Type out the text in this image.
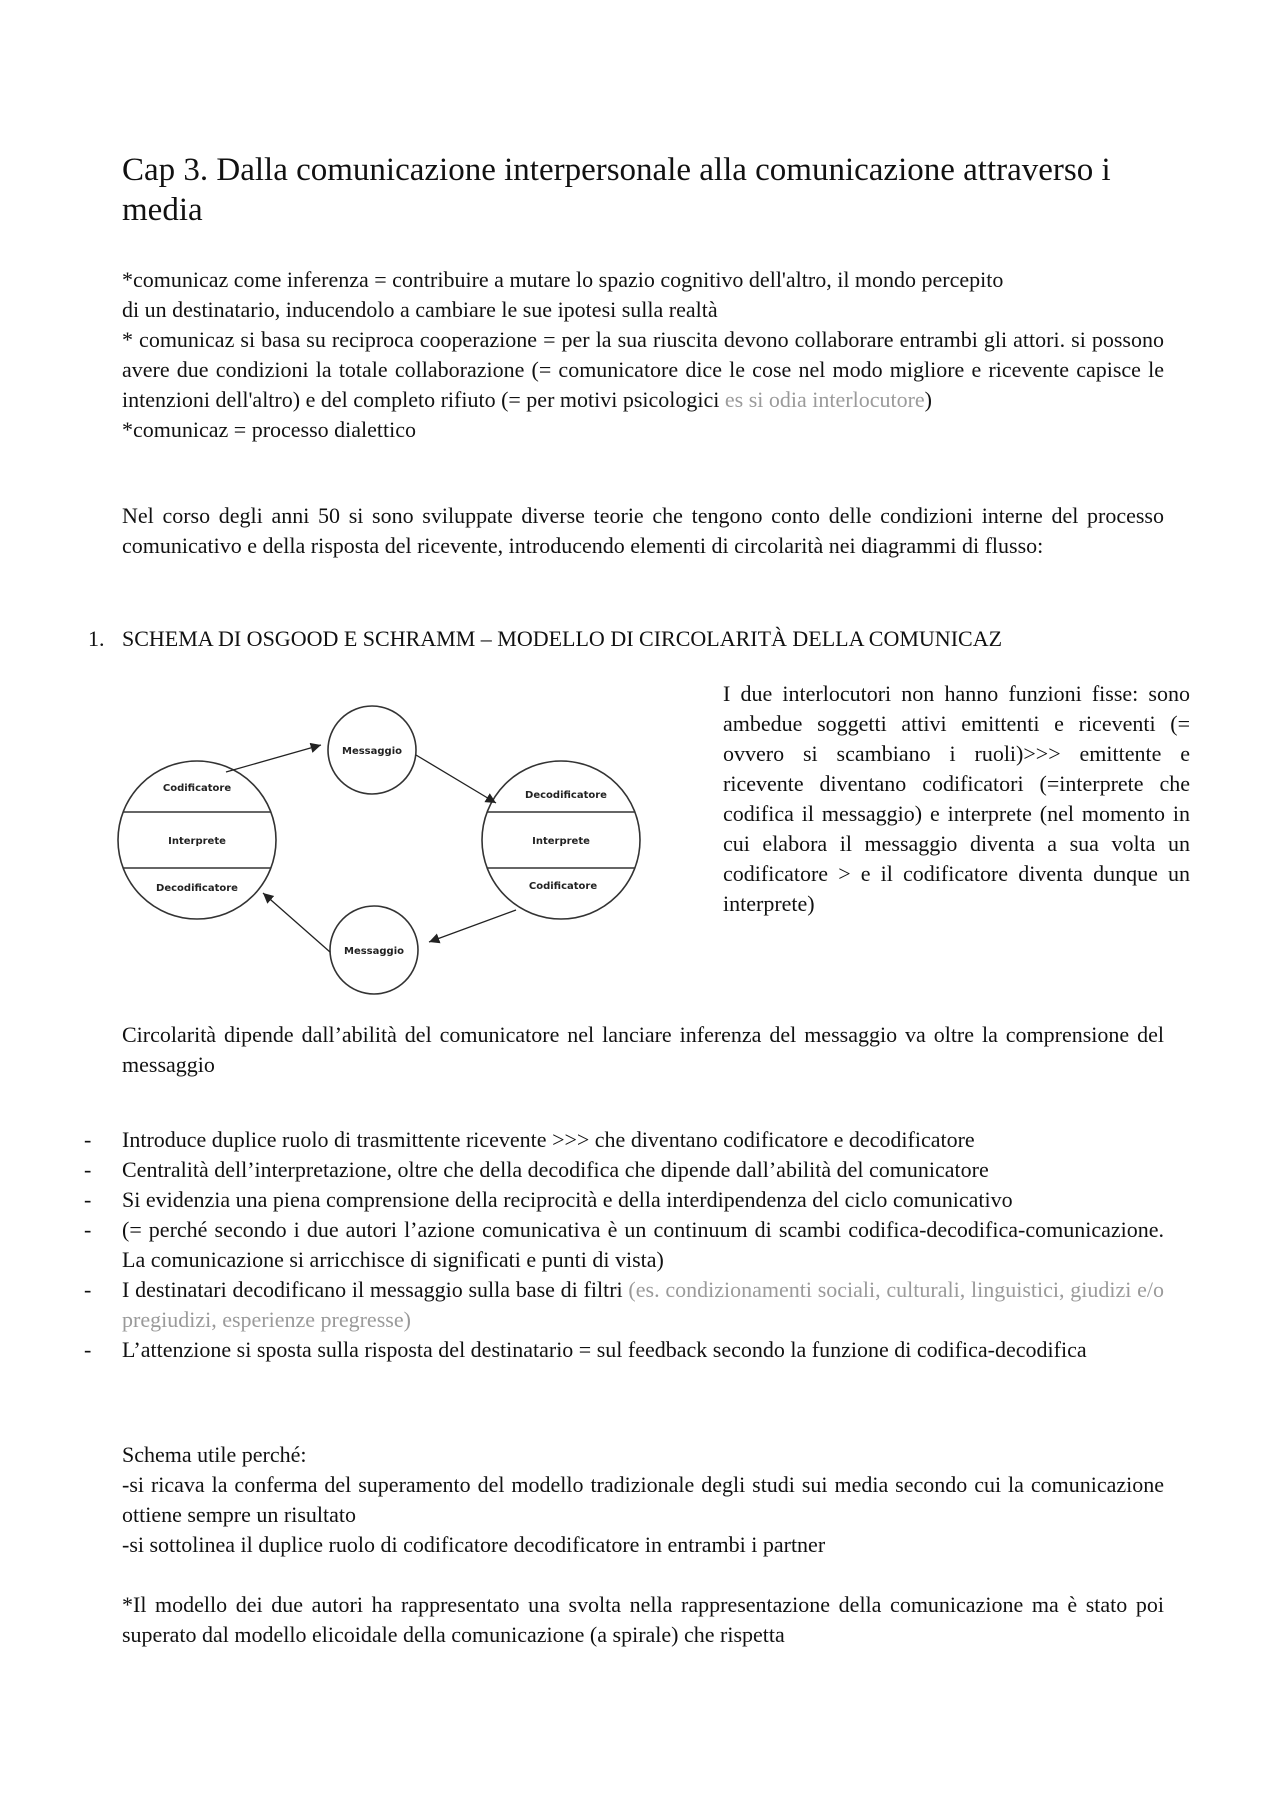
Cap 3. Dalla comunicazione interpersonale alla comunicazione attraverso i media
*comunicaz come inferenza = contribuire a mutare lo spazio cognitivo dell'altro, il mondo percepito
di un destinatario, inducendolo a cambiare le sue ipotesi sulla realtà
* comunicaz si basa su reciproca cooperazione = per la sua riuscita devono collaborare entrambi gli attori. si possono avere due condizioni la totale collaborazione (= comunicatore dice le cose nel modo migliore e ricevente capisce le intenzioni dell'altro) e del completo rifiuto (= per motivi psicologici es si odia interlocutore)
*comunicaz = processo dialettico

Nel corso degli anni 50 si sono sviluppate diverse teorie che tengono conto delle condizioni interne del processo comunicativo e della risposta del ricevente, introducendo elementi di circolarità nei diagrammi di flusso:

1. SCHEMA DI OSGOOD E SCHRAMM – MODELLO DI CIRCOLARITÀ DELLA COMUNICAZ
Codificatore
Interprete
Decodificatore
Decodificatore
Interprete
Codificatore
Messaggio
Messaggio

I due interlocutori non hanno funzioni fisse: sono ambedue soggetti attivi emittenti e riceventi (= ovvero si scambiano i ruoli)>>> emittente e ricevente diventano codificatori (=interprete che codifica il messaggio) e interprete (nel momento in cui elabora il messaggio diventa a sua volta un codificatore > e il codificatore diventa dunque un interprete)

Circolarità dipende dall’abilità del comunicatore nel lanciare inferenza del messaggio va oltre la comprensione del messaggio

- Introduce duplice ruolo di trasmittente ricevente >>> che diventano codificatore e decodificatore
- Centralità dell’interpretazione, oltre che della decodifica che dipende dall’abilità del comunicatore
- Si evidenzia una piena comprensione della reciprocità e della interdipendenza del ciclo comunicativo
- (= perché secondo i due autori l’azione comunicativa è un continuum di scambi codifica-decodifica-comunicazione. La comunicazione si arricchisce di significati e punti di vista)
- I destinatari decodificano il messaggio sulla base di filtri (es. condizionamenti sociali, culturali, linguistici, giudizi e/o pregiudizi, esperienze pregresse)
- L’attenzione si sposta sulla risposta del destinatario = sul feedback secondo la funzione di codifica-decodifica
Schema utile perché:
-si ricava la conferma del superamento del modello tradizionale degli studi sui media secondo cui la comunicazione ottiene sempre un risultato
-si sottolinea il duplice ruolo di codificatore decodificatore in entrambi i partner

*Il modello dei due autori ha rappresentato una svolta nella rappresentazione della comunicazione ma è stato poi superato dal modello elicoidale della comunicazione (a spirale) che rispetta
